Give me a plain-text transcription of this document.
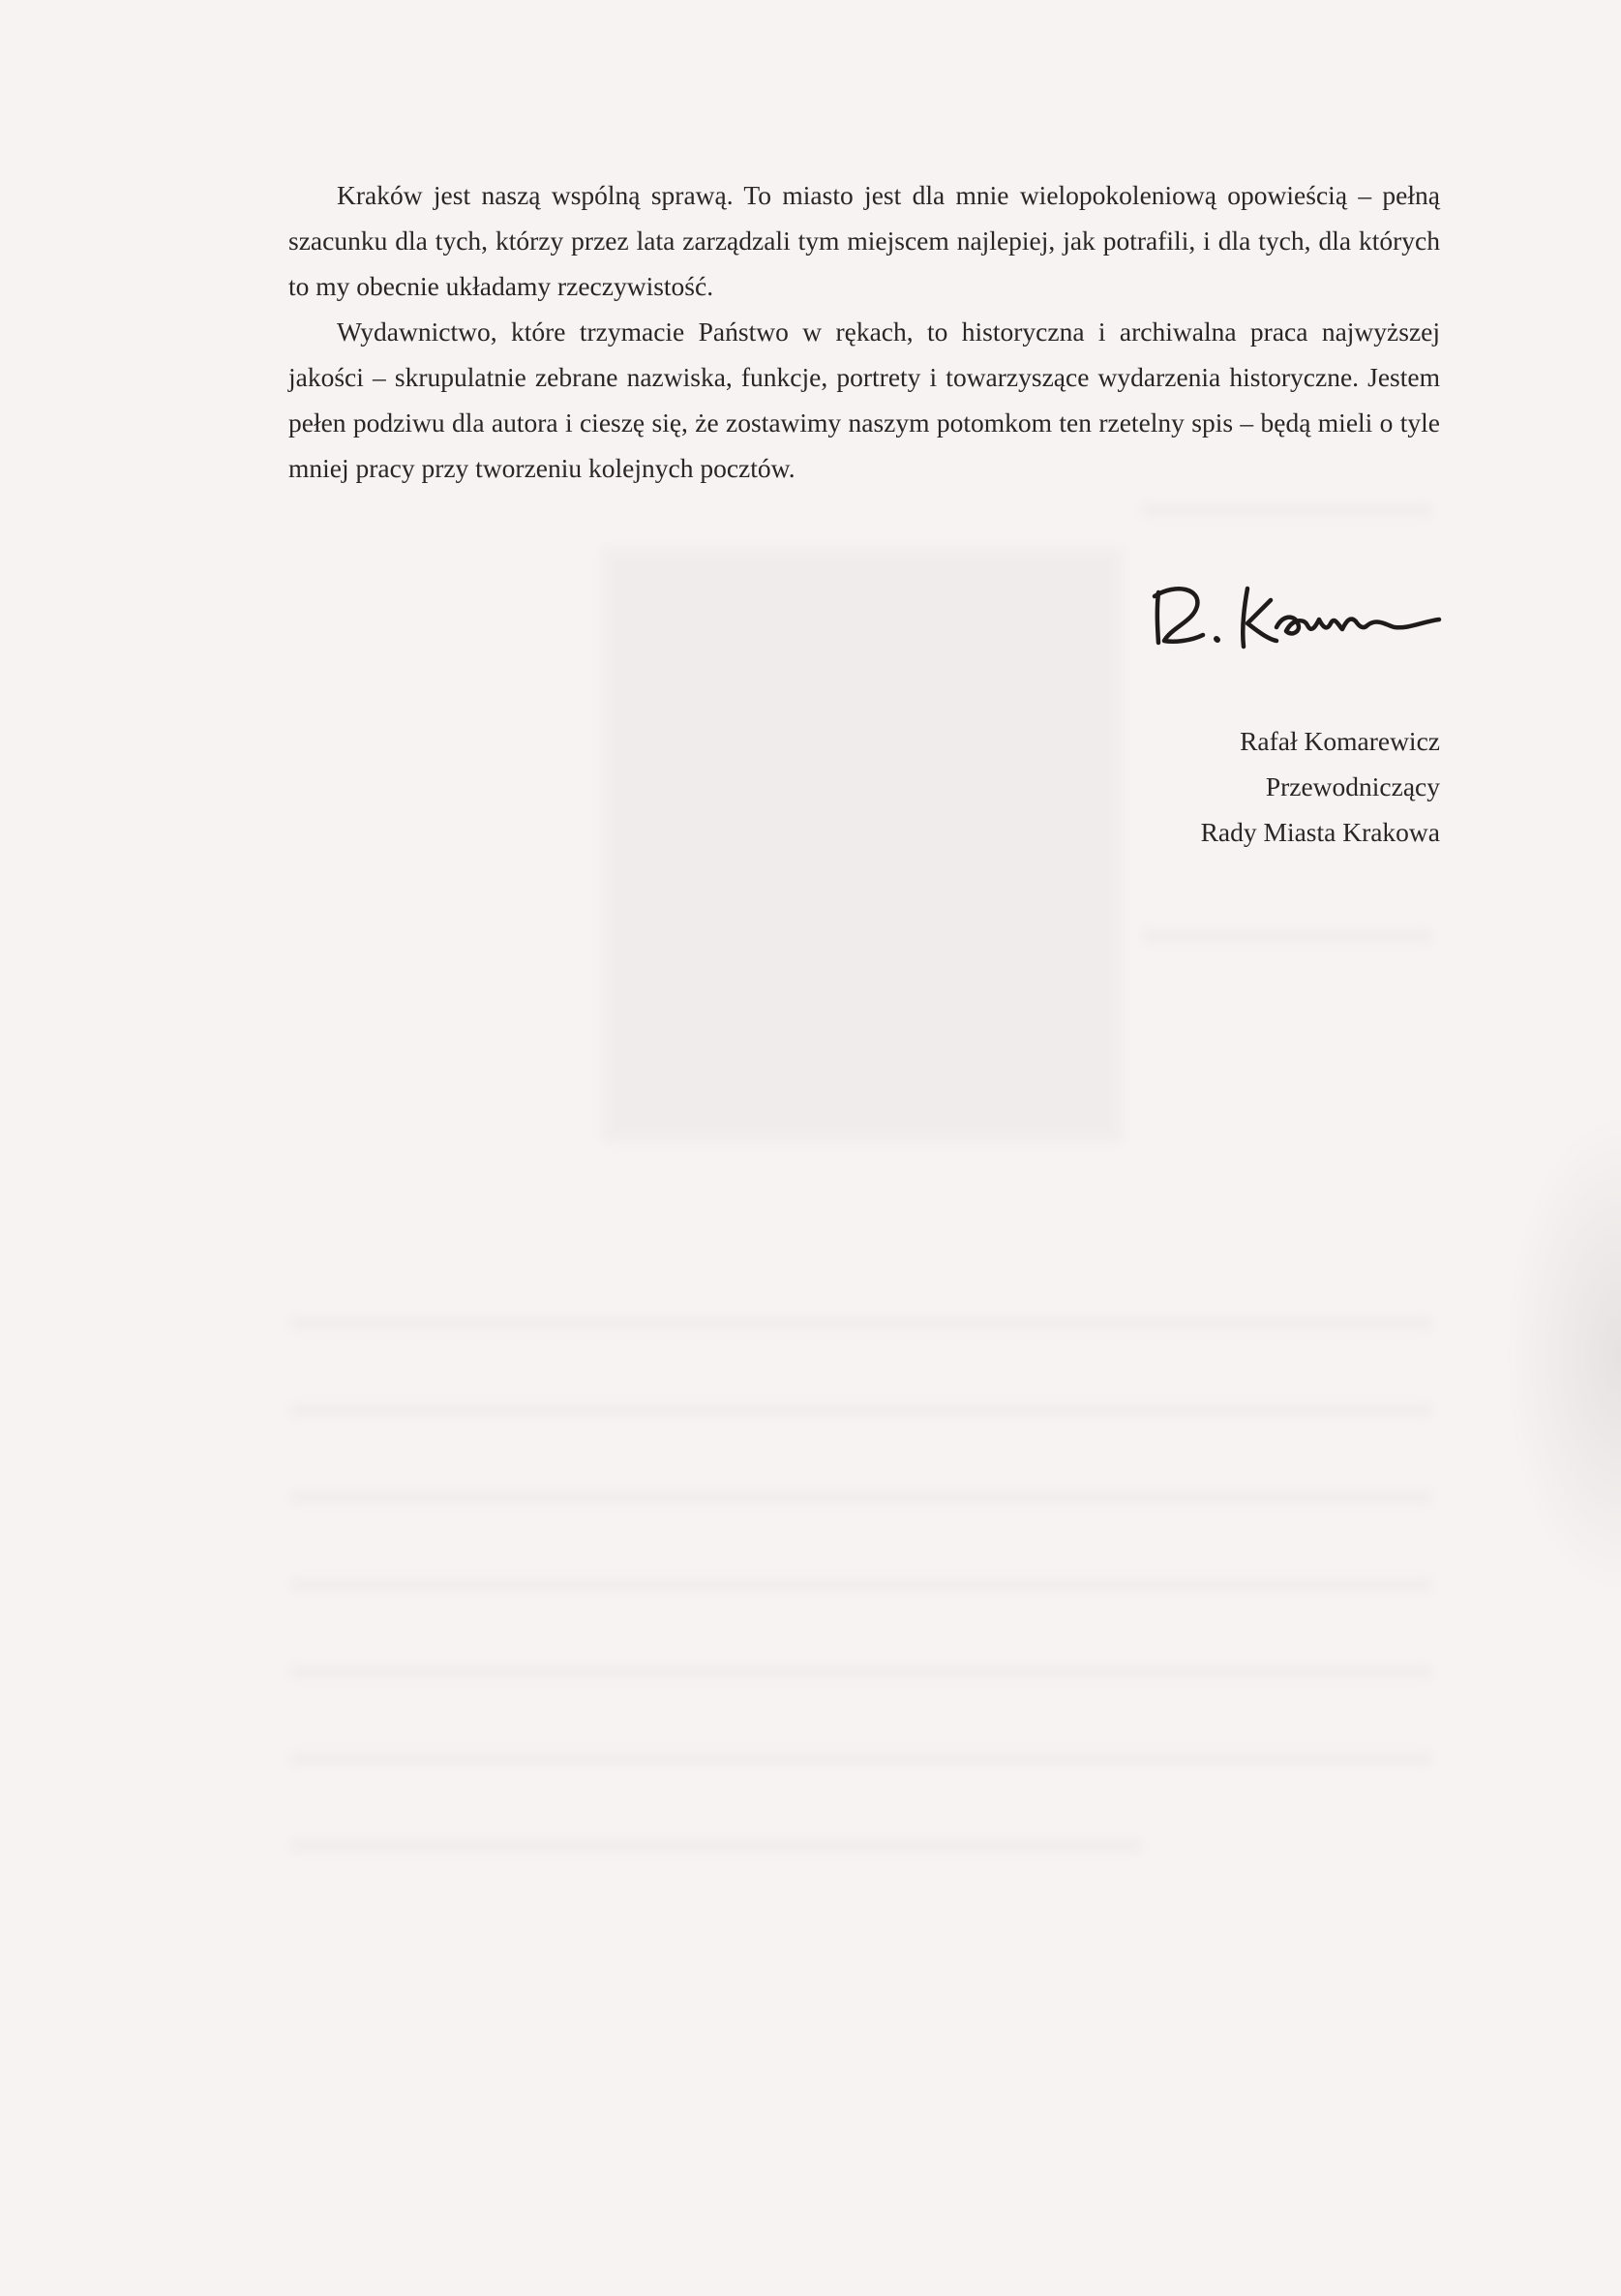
Kraków jest naszą wspólną sprawą. To miasto jest dla mnie wielopokoleniową opowieścią – pełną szacunku dla tych, którzy przez lata zarządzali tym miejscem najlepiej, jak potrafili, i dla tych, dla których to my obecnie układamy rzeczywistość.

Wydawnictwo, które trzymacie Państwo w rękach, to historyczna i archiwalna praca najwyższej jakości – skrupulatnie zebrane nazwiska, funkcje, portrety i towarzyszące wydarzenia historyczne. Jestem pełen podziwu dla autora i cieszę się, że zostawimy naszym potomkom ten rzetelny spis – będą mieli o tyle mniej pracy przy tworzeniu kolejnych pocztów.

Rafał Komarewicz
Przewodniczący
Rady Miasta Krakowa
